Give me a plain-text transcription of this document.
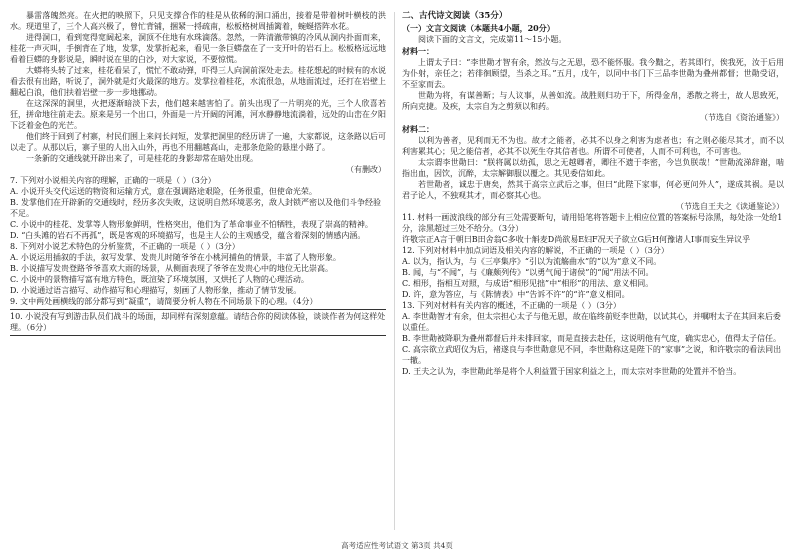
暴雷落魄然亮。在火把的映照下，只见支撑合作的桂是从依稀的洞口涌出，接着是带着树叶横枝的洪水。现道里了，三个人高兴极了，曾忙背铺，捆紧一捋疏南，松板格树周插篱着，蜿蜒搭阵水花。

进得洞口，看到宽得宽阔起来，洞顶不住地有水珠滴落。忽然，一阵清澈带镇的冷风从洞内扑面而来，桂花一声灭叫，手倒背在了地，发掌，发掌折起来，看见一条巨蟒盘在了一支开叶的岩石上。松板格远远地看着巨蟒的身影说是，瞬时说在里的白沙，对大家说，不要惊慌。

大蟒将头转了过来，桂花看呆了，慌忙不敢动弹，吓得三人向洞前深处走去。桂花想起的时候有的水说看去很有出路，听说了，洞外就是灯火最深的地方。发掌拉着桂花，水流很急，从地面流过，还打在岩壁上翻起白浪，他们扶着岩壁一步一步地挪动。

在这深深的洞里，火把逐渐暗淡下去，他们越来越害怕了。前头出现了一片明亮的光，三个人欣喜若狂，拼命地往前走去。原来是另一个出口，外面是一片开阔的河滩，河水静静地流淌着，远处的山峦在夕阳下泛着金色的光芒。

他们终于回到了村寨，村民们围上来问长问短，发掌把洞里的经历讲了一遍，大家都说，这条路以后可以走了。从那以后，寨子里的人出入山外，再也不用翻越高山，走那条危险的悬崖小路了。

一条新的交通线就开辟出来了，可是桂花的身影却常在暗处出现。

（有删改）

7. 下列对小说相关内容的理解，正确的一项是（ ）（3分）

A. 小说开头交代运送的物资和运输方式，意在强调路途艰险，任务很重，但使命光荣。

B. 发掌他们在开辟新的交通线时，经历多次失败，这说明自然环境恶劣，敌人封锁严密以及他们斗争经验不足。

C. 小说中的桂花、发掌等人物形象鲜明，性格突出，他们为了革命事业不怕牺牲，表现了崇高的精神。

D. “白头滩的岩石不再孤”，既是客观的环境描写，也是主人公的主观感受，蕴含着深刻的情感内涵。

8. 下列对小说艺术特色的分析鉴赏，不正确的一项是（ ）（3分）

A. 小说运用插叙的手法，叙写发掌、发贵儿时随爷爷在小桃河捕鱼的情景，丰富了人物形象。

B. 小说描写发贵登路爷爷喜欢大雨的场景，从侧面表现了爷爷在发贵心中的地位无比崇高。

C. 小说中的景物描写富有地方特色，既渲染了环境氛围，又烘托了人物的心理活动。

D. 小说通过语言描写、动作描写和心理描写，刻画了人物形象，推动了情节发展。

9. 文中两处画横线的部分都写到“凝重”，请简要分析人物在不同场景下的心理。（4分）

10. 小说没有写到游击队员们战斗的场面，却同样有深刻意蕴。请结合你的阅读体验，谈谈作者为何这样处理。（6分）

二、古代诗文阅读（35分）

（一）文言文阅读（本题共4小题，20分）

阅读下面的文言文，完成第11～15小题。

材料一：

上谓太子曰：“李世勣才智有余，然汝与之无恩，恐不能怀服。我今黜之，若其即行，俟我死，汝于后用为仆射，亲任之；若徘徊顾望，当杀之耳。”五月，戊午，以同中书门下三品李世勣为叠州都督；世勣受诏，不至家而去。

世勣为将，有谋善断；与人议事，从善如流。战胜则归功于下，所得金帛，悉散之将士，故人思致死，所向克捷。及疾，太宗自为之剪须以和药。

（节选自《资治通鉴》）

材料二：

以利为善者，见利而无不为也。故才之能者，必其不以身之利害为虑者也；有之则必能尽其才，而不以利害累其心；见之能信者，必其不以死生夺其信者也。所谓不可使者，人而不可利也，不可害也。

太宗谓李世勣曰：“朕将属以幼孤，思之无越卿者，卿往不遗于李密，今岂负朕哉！”世勣流涕辞谢，啮指出血，因饮，沉醉，太宗解御服以覆之。其见委信如此。

若世勣者，诚忠于唐矣，然其于高宗立武后之事，但曰“此陛下家事，何必更问外人”，遂成其祸。是以君子论人，不独观其才，而必察其心也。

（节选自王夫之《读通鉴论》）

11. 材料一画波浪线的部分有三处需要断句，请用铅笔将答题卡上相应位置的答案标号涂黑，每处涂一处给1分，涂黑超过三处不给分。（3分）

许敬宗正A言于朝曰B田舍翁C多收十斛麦D尚欲易E妇F况天子欲立G后H何豫诸人I事而妄生异议乎

12. 下列对材料中加点词语及相关内容的解说，不正确的一项是（ ）（3分）

A. 以为，指认为，与《三亭集序》“引以为流觞曲水”的“以为”意义不同。

B. 闻，与“不闻”，与《廉颇列传》“以勇气闻于诸侯”的“闻”用法不同。

C. 相形，指相互对照，与成语“相形见拙”中“相形”的用法、意义相同。

D. 许，意为答应，与《陈情表》中“告诉不许”的“许”意义相同。

13. 下列对材料有关内容的概述，不正确的一项是（ ）（3分）

A. 李世勣智才有余，但太宗担心太子与他无恩，故在临终前贬李世勣，以试其心，并嘱咐太子在其回来后委以重任。

B. 李世勣被降职为叠州都督后并未排回家，而是直接去赴任，这说明他有气度，确实忠心，值得太子信任。

C. 高宗欲立武昭仪为后，褚遂良与李世勣意见不同，李世勣称这是陛下的“家事”之说，和许敬宗的看法同出一辙。

D. 王夫之认为，李世勣此举是将个人利益置于国家利益之上，而太宗对李世勣的处置并不恰当。

高考适应性考试语文 第3页 共4页
